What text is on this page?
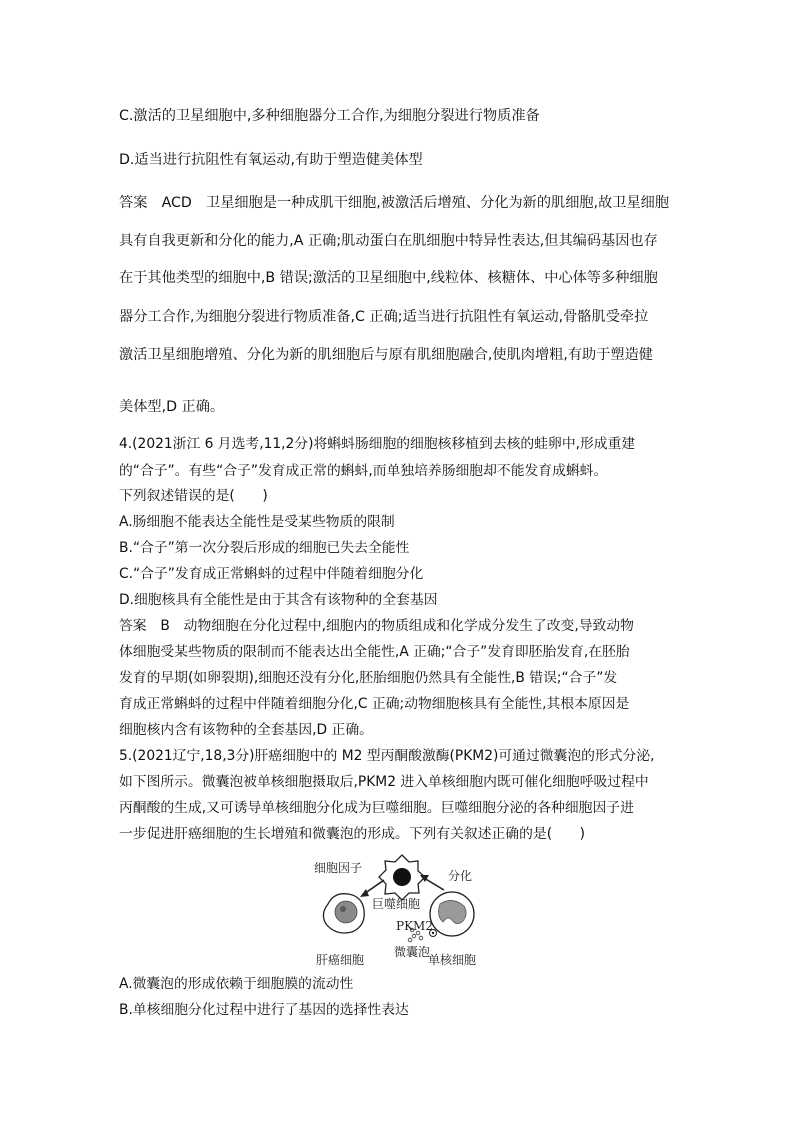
C.激活的卫星细胞中,多种细胞器分工合作,为细胞分裂进行物质准备
D.适当进行抗阻性有氧运动,有助于塑造健美体型
答案　ACD　卫星细胞是一种成肌干细胞,被激活后增殖、分化为新的肌细胞,故卫星细胞
具有自我更新和分化的能力,A 正确;肌动蛋白在肌细胞中特异性表达,但其编码基因也存
在于其他类型的细胞中,B 错误;激活的卫星细胞中,线粒体、核糖体、中心体等多种细胞
器分工合作,为细胞分裂进行物质准备,C 正确;适当进行抗阻性有氧运动,骨骼肌受牵拉
激活卫星细胞增殖、分化为新的肌细胞后与原有肌细胞融合,使肌肉增粗,有助于塑造健
美体型,D 正确。
4.(2021浙江 6 月选考,11,2分)将蝌蚪肠细胞的细胞核移植到去核的蛙卵中,形成重建
的“合子”。有些“合子”发育成正常的蝌蚪,而单独培养肠细胞却不能发育成蝌蚪。
下列叙述错误的是(　　)
A.肠细胞不能表达全能性是受某些物质的限制
B.“合子”第一次分裂后形成的细胞已失去全能性
C.“合子”发育成正常蝌蚪的过程中伴随着细胞分化
D.细胞核具有全能性是由于其含有该物种的全套基因
答案　B　动物细胞在分化过程中,细胞内的物质组成和化学成分发生了改变,导致动物
体细胞受某些物质的限制而不能表达出全能性,A 正确;“合子”发育即胚胎发育,在胚胎
发育的早期(如卵裂期),细胞还没有分化,胚胎细胞仍然具有全能性,B 错误;“合子”发
育成正常蝌蚪的过程中伴随着细胞分化,C 正确;动物细胞核具有全能性,其根本原因是
细胞核内含有该物种的全套基因,D 正确。
5.(2021辽宁,18,3分)肝癌细胞中的 M2 型丙酮酸激酶(PKM2)可通过微囊泡的形式分泌,
如下图所示。微囊泡被单核细胞摄取后,PKM2 进入单核细胞内既可催化细胞呼吸过程中
丙酮酸的生成,又可诱导单核细胞分化成为巨噬细胞。巨噬细胞分泌的各种细胞因子进
一步促进肝癌细胞的生长增殖和微囊泡的形成。下列有关叙述正确的是(　　)
细胞因子
分化
巨噬细胞
PKM2
微囊泡
肝癌细胞	单核细胞
A.微囊泡的形成依赖于细胞膜的流动性
B.单核细胞分化过程中进行了基因的选择性表达
